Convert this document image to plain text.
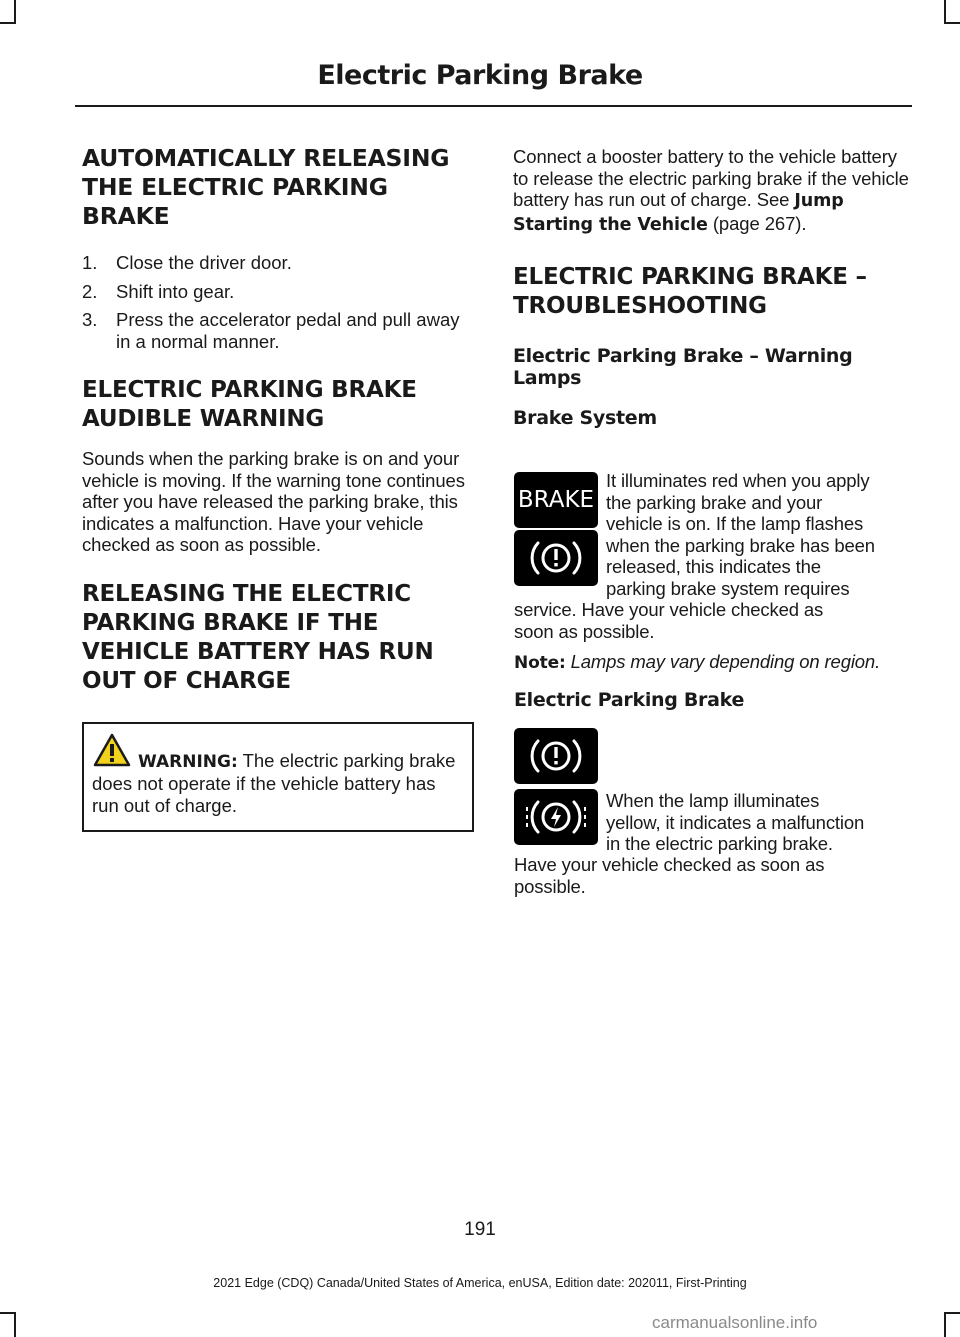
Electric Parking Brake
AUTOMATICALLY RELEASING
THE ELECTRIC PARKING
BRAKE
1. Close the driver door.
2. Shift into gear.
3. Press the accelerator pedal and pull away in a normal manner.
ELECTRIC PARKING BRAKE
AUDIBLE WARNING

Sounds when the parking brake is on and your vehicle is moving. If the warning tone continues after you have released the parking brake, this indicates a malfunction. Have your vehicle checked as soon as possible.

RELEASING THE ELECTRIC
PARKING BRAKE IF THE
VEHICLE BATTERY HAS RUN
OUT OF CHARGE
WARNING: The electric parking brake does not operate if the vehicle battery has run out of charge.

Connect a booster battery to the vehicle battery to release the electric parking brake if the vehicle battery has run out of charge. See Jump Starting the Vehicle (page 267).

ELECTRIC PARKING BRAKE –
TROUBLESHOOTING
Electric Parking Brake – Warning
Lamps
Brake System
BRAKE
It illuminates red when you apply
the parking brake and your
vehicle is on. If the lamp flashes
when the parking brake has been
released, this indicates the
parking brake system requires
service. Have your vehicle checked as
soon as possible.
Note: Lamps may vary depending on region.
Electric Parking Brake
When the lamp illuminates
yellow, it indicates a malfunction
in the electric parking brake.
Have your vehicle checked as soon as
possible.
191
2021 Edge (CDQ) Canada/United States of America, enUSA, Edition date: 202011, First-Printing
carmanualsonline.info
